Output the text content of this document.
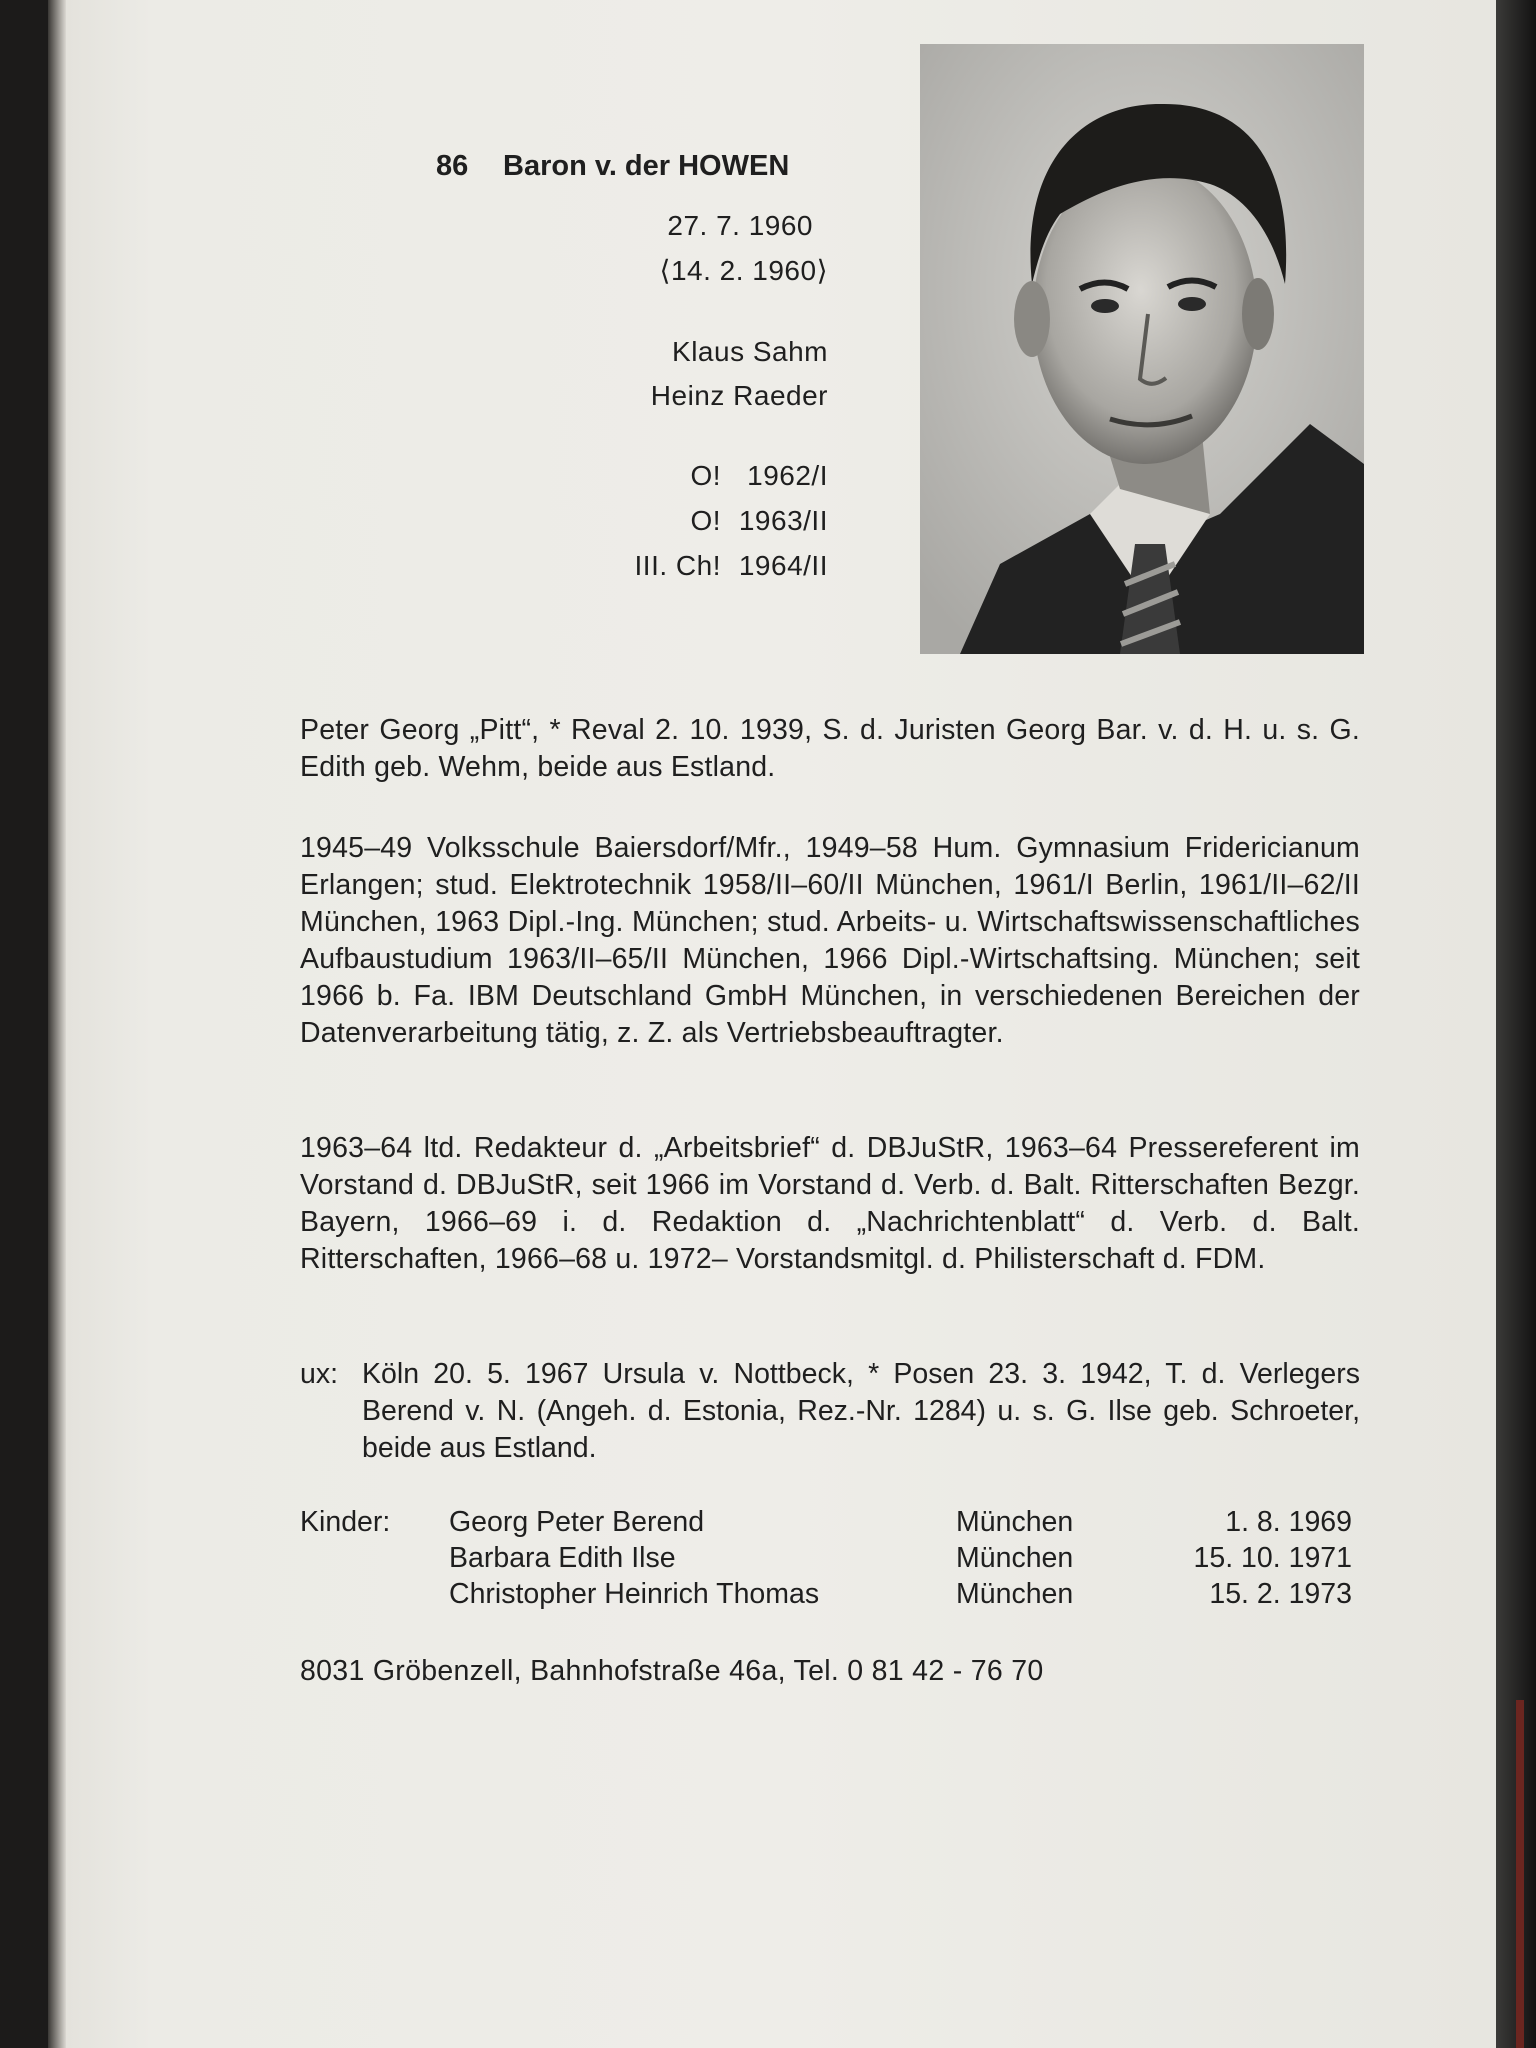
86 Baron v. der HOWEN
27. 7. 1960
⟨14. 2. 1960⟩
Klaus Sahm
Heinz Raeder
O! 1962/I
O! 1963/II
III. Ch! 1964/II
Peter Georg „Pitt“, * Reval 2. 10. 1939, S. d. Juristen Georg Bar. v. d. H. u. s. G. Edith geb. Wehm, beide aus Estland.
1945–49 Volksschule Baiersdorf/Mfr., 1949–58 Hum. Gymnasium Fridericianum Erlangen; stud. Elektrotechnik 1958/II–60/II München, 1961/I Berlin, 1961/II–62/II München, 1963 Dipl.-Ing. München; stud. Arbeits- u. Wirtschaftswissenschaftliches Aufbaustudium 1963/II–65/II München, 1966 Dipl.-Wirtschaftsing. München; seit 1966 b. Fa. IBM Deutschland GmbH München, in verschiedenen Bereichen der Datenverarbeitung tätig, z. Z. als Vertriebsbeauftragter.
1963–64 ltd. Redakteur d. „Arbeitsbrief“ d. DBJuStR, 1963–64 Pressereferent im Vorstand d. DBJuStR, seit 1966 im Vorstand d. Verb. d. Balt. Ritterschaften Bezgr. Bayern, 1966–69 i. d. Redaktion d. „Nachrichtenblatt“ d. Verb. d. Balt. Ritterschaften, 1966–68 u. 1972– Vorstandsmitgl. d. Philisterschaft d. FDM.
ux: Köln 20. 5. 1967 Ursula v. Nottbeck, * Posen 23. 3. 1942, T. d. Verlegers Berend v. N. (Angeh. d. Estonia, Rez.-Nr. 1284) u. s. G. Ilse geb. Schroeter, beide aus Estland.
Kinder: Georg Peter Berend	München	1. 8. 1969
Barbara Edith Ilse	München	15. 10. 1971
Christopher Heinrich Thomas	München	15. 2. 1973
8031 Gröbenzell, Bahnhofstraße 46a, Tel. 0 81 42 - 76 70
